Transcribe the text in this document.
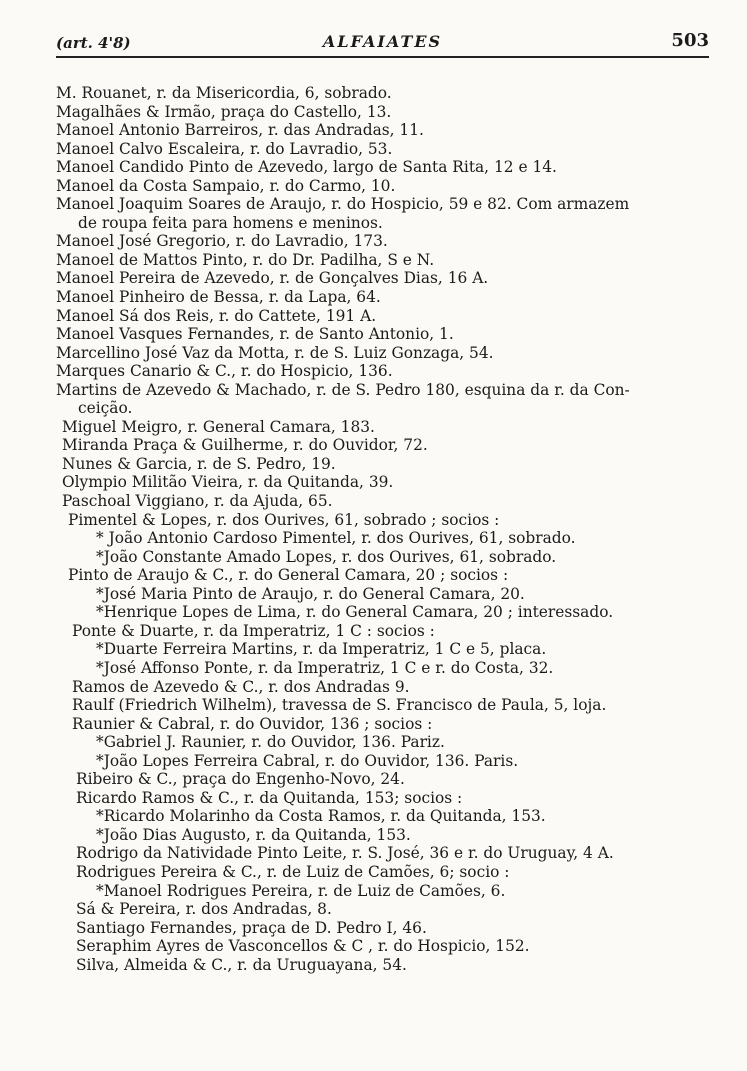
(art. 4'8)	ALFAIATES	503
M. Rouanet, r. da Misericordia, 6, sobrado.
Magalhães & Irmão, praça do Castello, 13.
Manoel Antonio Barreiros, r. das Andradas, 11.
Manoel Calvo Escaleira, r. do Lavradio, 53.
Manoel Candido Pinto de Azevedo, largo de Santa Rita, 12 e 14.
Manoel da Costa Sampaio, r. do Carmo, 10.
Manoel Joaquim Soares de Araujo, r. do Hospicio, 59 e 82. Com armazem
de roupa feita para homens e meninos.
Manoel José Gregorio, r. do Lavradio, 173.
Manoel de Mattos Pinto, r. do Dr. Padilha, S e N.
Manoel Pereira de Azevedo, r. de Gonçalves Dias, 16 A.
Manoel Pinheiro de Bessa, r. da Lapa, 64.
Manoel Sá dos Reis, r. do Cattete, 191 A.
Manoel Vasques Fernandes, r. de Santo Antonio, 1.
Marcellino José Vaz da Motta, r. de S. Luiz Gonzaga, 54.
Marques Canario & C., r. do Hospicio, 136.
Martins de Azevedo & Machado, r. de S. Pedro 180, esquina da r. da Con-
ceição.
Miguel Meigro, r. General Camara, 183.
Miranda Praça & Guilherme, r. do Ouvidor, 72.
Nunes & Garcia, r. de S. Pedro, 19.
Olympio Militão Vieira, r. da Quitanda, 39.
Paschoal Viggiano, r. da Ajuda, 65.
Pimentel & Lopes, r. dos Ourives, 61, sobrado ; socios :
* João Antonio Cardoso Pimentel, r. dos Ourives, 61, sobrado.
*João Constante Amado Lopes, r. dos Ourives, 61, sobrado.
Pinto de Araujo & C., r. do General Camara, 20 ; socios :
*José Maria Pinto de Araujo, r. do General Camara, 20.
*Henrique Lopes de Lima, r. do General Camara, 20 ; interessado.
Ponte & Duarte, r. da Imperatriz, 1 C : socios :
*Duarte Ferreira Martins, r. da Imperatriz, 1 C e 5, placa.
*José Affonso Ponte, r. da Imperatriz, 1 C e r. do Costa, 32.
Ramos de Azevedo & C., r. dos Andradas 9.
Raulf (Friedrich Wilhelm), travessa de S. Francisco de Paula, 5, loja.
Raunier & Cabral, r. do Ouvidor, 136 ; socios :
*Gabriel J. Raunier, r. do Ouvidor, 136. Pariz.
*João Lopes Ferreira Cabral, r. do Ouvidor, 136. Paris.
Ribeiro & C., praça do Engenho-Novo, 24.
Ricardo Ramos & C., r. da Quitanda, 153; socios :
*Ricardo Molarinho da Costa Ramos, r. da Quitanda, 153.
*João Dias Augusto, r. da Quitanda, 153.
Rodrigo da Natividade Pinto Leite, r. S. José, 36 e r. do Uruguay, 4 A.
Rodrigues Pereira & C., r. de Luiz de Camões, 6; socio :
*Manoel Rodrigues Pereira, r. de Luiz de Camões, 6.
Sá & Pereira, r. dos Andradas, 8.
Santiago Fernandes, praça de D. Pedro I, 46.
Seraphim Ayres de Vasconcellos & C , r. do Hospicio, 152.
Silva, Almeida & C., r. da Uruguayana, 54.
